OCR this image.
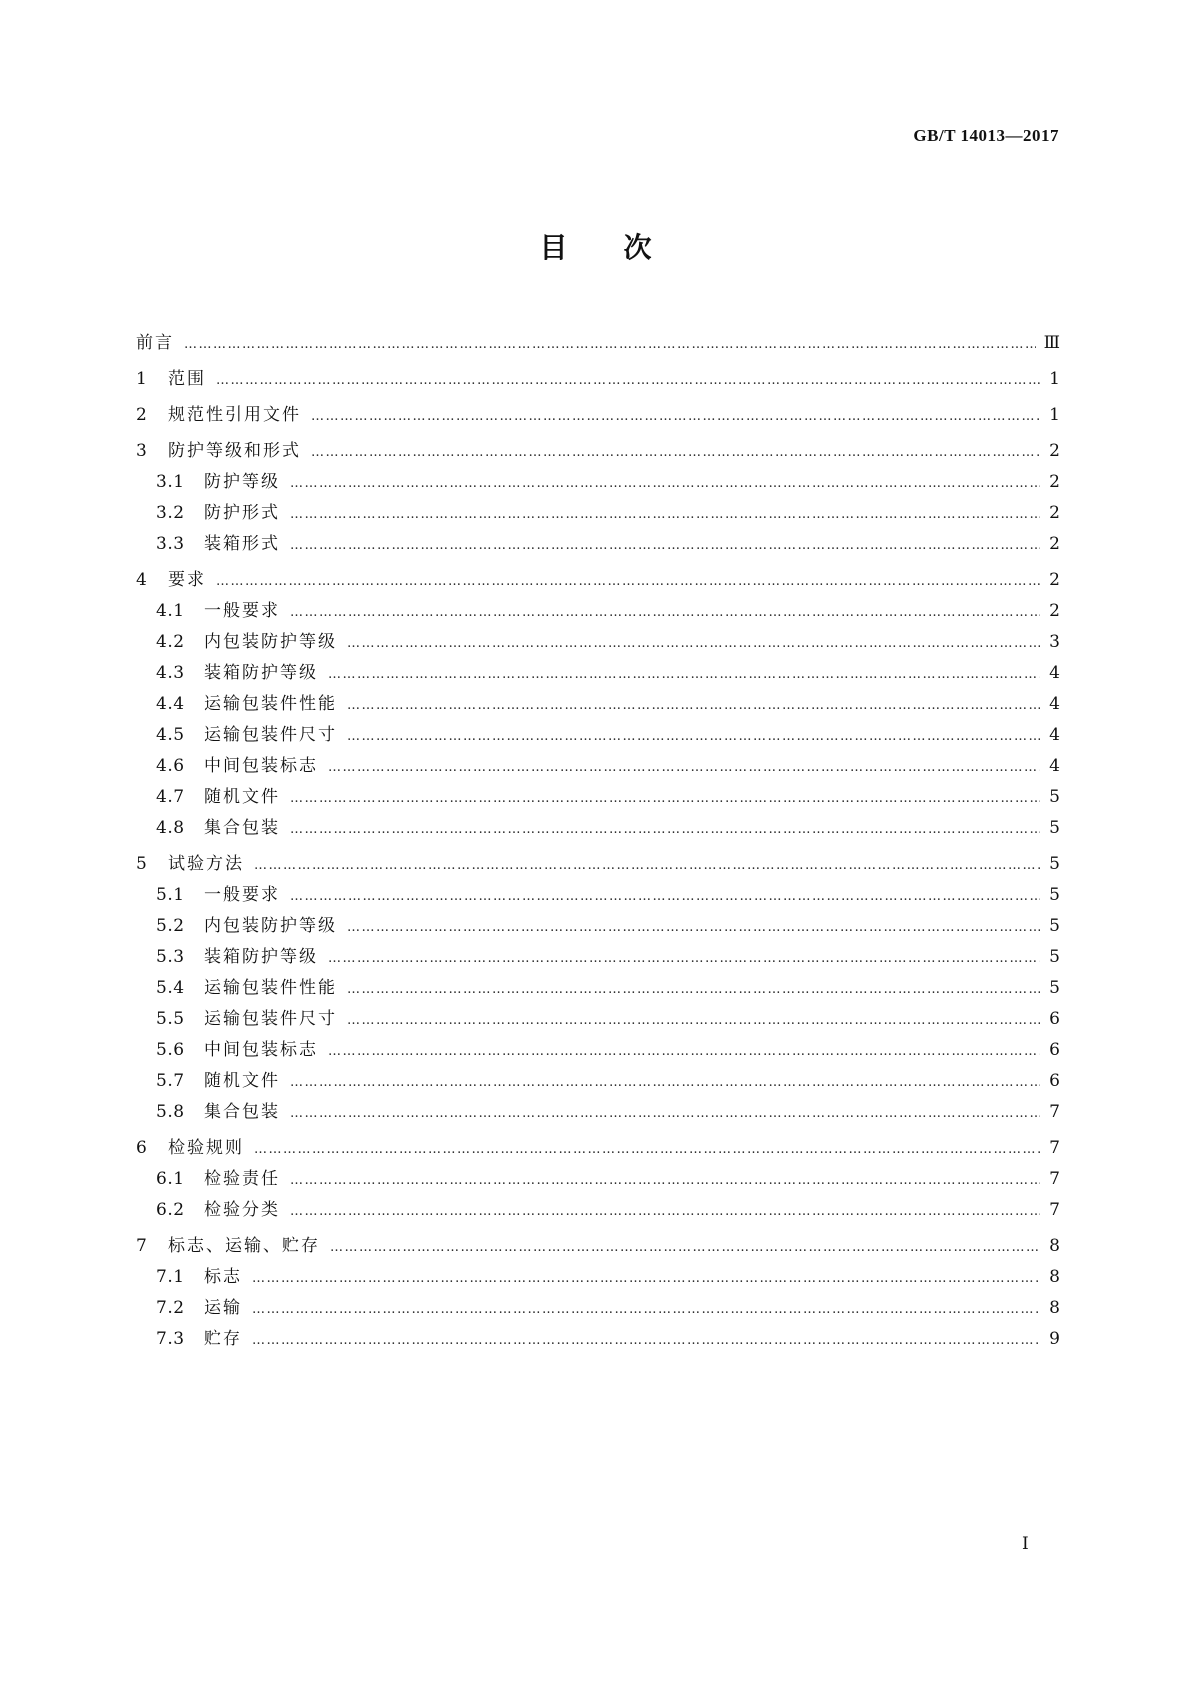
GB/T 14013—2017
目次
前言 …………………………………………………………………………………………………………………………………………………………………………………………………………………	Ⅲ
1	范围 …………………………………………………………………………………………………………………………………………………………………………………………………………………	1
2	规范性引用文件 …………………………………………………………………………………………………………………………………………………………………………………………………………………	1
3	防护等级和形式 …………………………………………………………………………………………………………………………………………………………………………………………………………………	2
3.1	防护等级 …………………………………………………………………………………………………………………………………………………………………………………………………………………	2
3.2	防护形式 …………………………………………………………………………………………………………………………………………………………………………………………………………………	2
3.3	装箱形式 …………………………………………………………………………………………………………………………………………………………………………………………………………………	2
4	要求 …………………………………………………………………………………………………………………………………………………………………………………………………………………	2
4.1	一般要求 …………………………………………………………………………………………………………………………………………………………………………………………………………………	2
4.2	内包装防护等级 …………………………………………………………………………………………………………………………………………………………………………………………………………………	3
4.3	装箱防护等级 …………………………………………………………………………………………………………………………………………………………………………………………………………………	4
4.4	运输包装件性能 …………………………………………………………………………………………………………………………………………………………………………………………………………………	4
4.5	运输包装件尺寸 …………………………………………………………………………………………………………………………………………………………………………………………………………………	4
4.6	中间包装标志 …………………………………………………………………………………………………………………………………………………………………………………………………………………	4
4.7	随机文件 …………………………………………………………………………………………………………………………………………………………………………………………………………………	5
4.8	集合包装 …………………………………………………………………………………………………………………………………………………………………………………………………………………	5
5	试验方法 …………………………………………………………………………………………………………………………………………………………………………………………………………………	5
5.1	一般要求 …………………………………………………………………………………………………………………………………………………………………………………………………………………	5
5.2	内包装防护等级 …………………………………………………………………………………………………………………………………………………………………………………………………………………	5
5.3	装箱防护等级 …………………………………………………………………………………………………………………………………………………………………………………………………………………	5
5.4	运输包装件性能 …………………………………………………………………………………………………………………………………………………………………………………………………………………	5
5.5	运输包装件尺寸 …………………………………………………………………………………………………………………………………………………………………………………………………………………	6
5.6	中间包装标志 …………………………………………………………………………………………………………………………………………………………………………………………………………………	6
5.7	随机文件 …………………………………………………………………………………………………………………………………………………………………………………………………………………	6
5.8	集合包装 …………………………………………………………………………………………………………………………………………………………………………………………………………………	7
6	检验规则 …………………………………………………………………………………………………………………………………………………………………………………………………………………	7
6.1	检验责任 …………………………………………………………………………………………………………………………………………………………………………………………………………………	7
6.2	检验分类 …………………………………………………………………………………………………………………………………………………………………………………………………………………	7
7	标志、运输、贮存 …………………………………………………………………………………………………………………………………………………………………………………………………………………	8
7.1	标志 …………………………………………………………………………………………………………………………………………………………………………………………………………………	8
7.2	运输 …………………………………………………………………………………………………………………………………………………………………………………………………………………	8
7.3	贮存 …………………………………………………………………………………………………………………………………………………………………………………………………………………	9
I
